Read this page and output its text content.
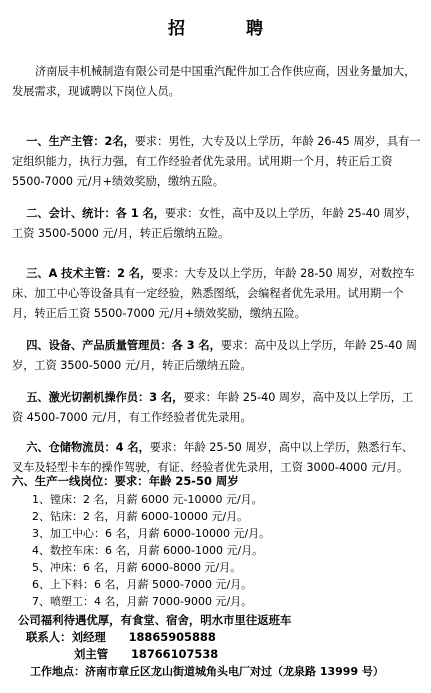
招　聘
济南辰丰机械制造有限公司是中国重汽配件加工合作供应商，因业务量加大，发展需求，现诚聘以下岗位人员。

一、生产主管：2名，要求：男性，大专及以上学历，年龄 26-45 周岁，具有一定组织能力，执行力强，有工作经验者优先录用。试用期一个月，转正后工资 5500-7000 元/月+绩效奖励，缴纳五险。

二、会计、统计：各 1 名，要求：女性，高中及以上学历，年龄 25-40 周岁，工资 3500-5000 元/月，转正后缴纳五险。

三、A 技术主管：2 名，要求：大专及以上学历，年龄 28-50 周岁，对数控车床、加工中心等设备具有一定经验，熟悉图纸，会编程者优先录用。试用期一个月，转正后工资 5500-7000 元/月+绩效奖励，缴纳五险。

四、设备、产品质量管理员：各 3 名，要求：高中及以上学历，年龄 25-40 周岁，工资 3500-5000 元/月，转正后缴纳五险。

五、激光切割机操作员：3 名，要求：年龄 25-40 周岁，高中及以上学历，工资 4500-7000 元/月，有工作经验者优先录用。

六、仓储物流员：4 名，要求：年龄 25-50 周岁，高中以上学历，熟悉行车、叉车及轻型卡车的操作驾驶，有证、经验者优先录用，工资 3000-4000 元/月。

六、生产一线岗位：要求：年龄 25-50 周岁
1、镗床：2 名，月薪 6000 元-10000 元/月。
2、钻床：2 名，月薪 6000-10000 元/月。
3、加工中心：6 名，月薪 6000-10000 元/月。
4、数控车床：6 名，月薪 6000-1000 元/月。
5、冲床：6 名，月薪 6000-8000 元/月。
6、上下料：6 名，月薪 5000-7000 元/月。
7、喷塑工：4 名，月薪 7000-9000 元/月。
公司福利待遇优厚，有食堂、宿舍，明水市里往返班车
联系人：刘经理　　 18865905888
刘主管　　 18766107538
工作地点：济南市章丘区龙山街道城角头电厂对过（龙泉路 13999 号）
